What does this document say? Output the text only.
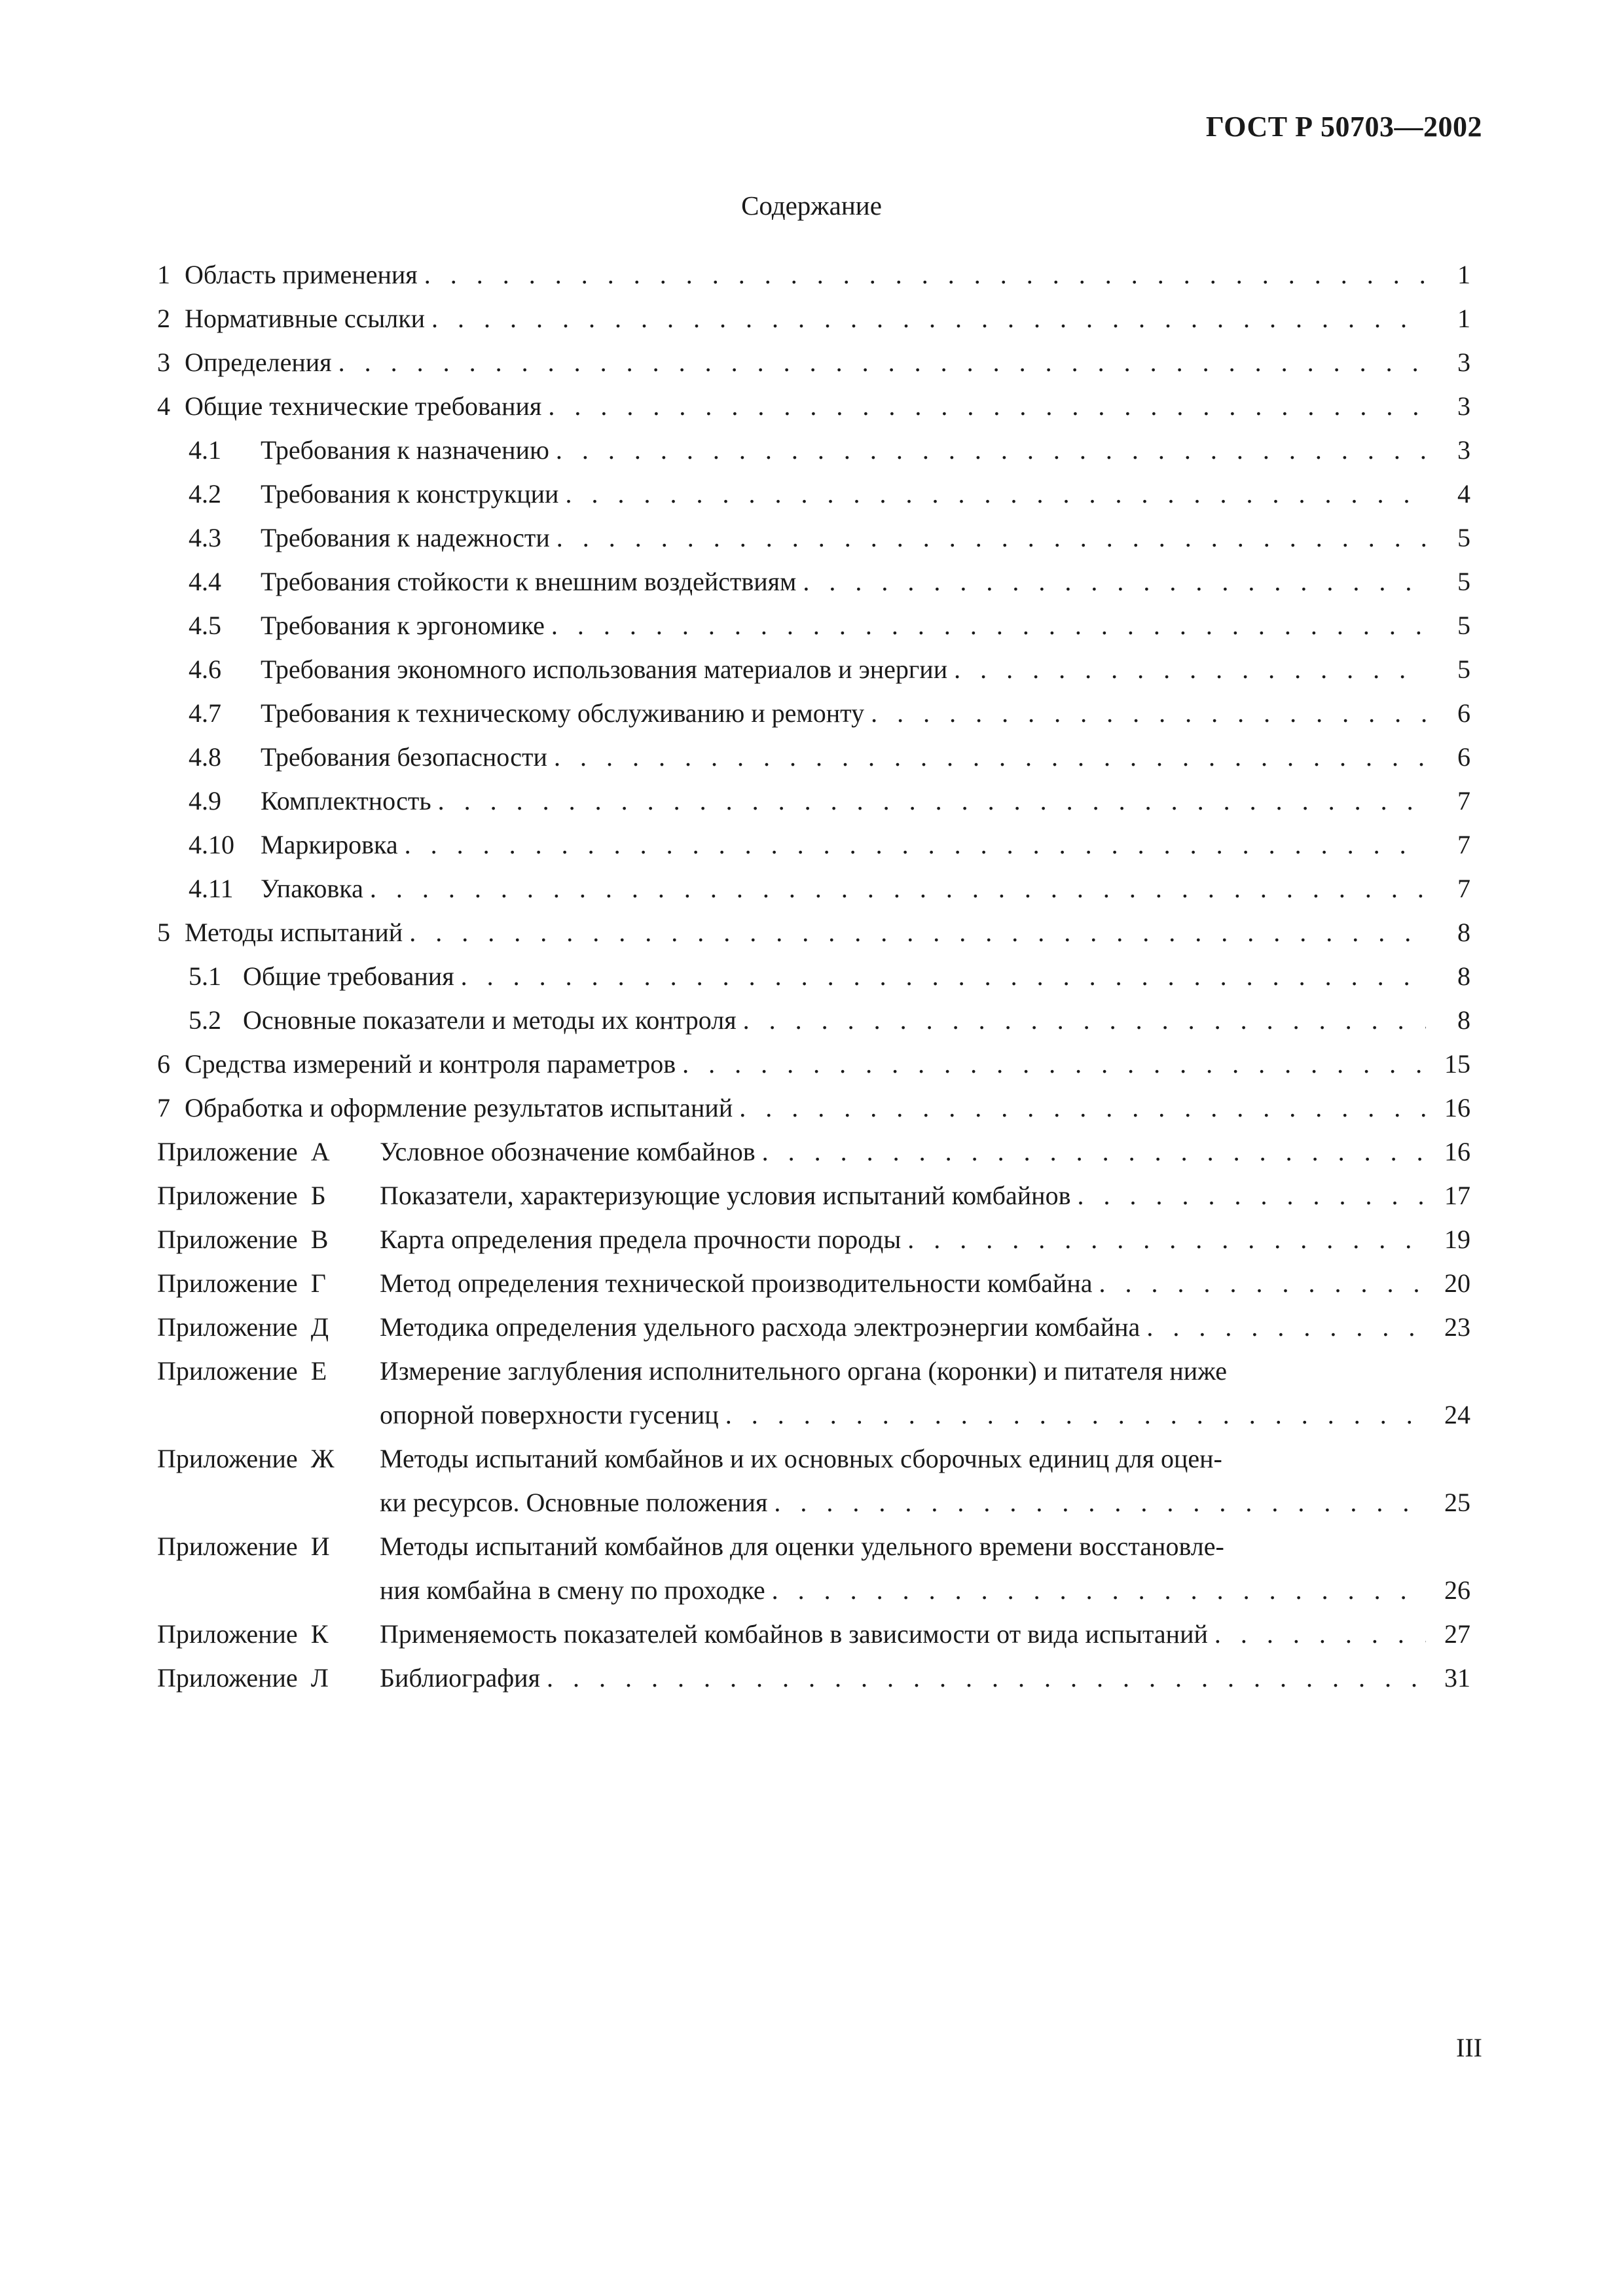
ГОСТ Р 50703—2002
Содержание
1 Область применения . . .	1
2 Нормативные ссылки . . .	1
3 Определения . . .	3
4 Общие технические требования . . .	3
4.1	Требования к назначению . . .	3
4.2	Требования к конструкции . . .	4
4.3	Требования к надежности . . .	5
4.4	Требования стойкости к внешним воздействиям . . .	5
4.5	Требования к эргономике . . .	5
4.6	Требования экономного использования материалов и энергии . . .	5
4.7	Требования к техническому обслуживанию и ремонту . . .	6
4.8	Требования безопасности . . .	6
4.9	Комплектность . . .	7
4.10	Маркировка . . .	7
4.11	Упаковка . . .	7
5 Методы испытаний . . .	8
5.1 Общие требования . . .	8
5.2 Основные показатели и методы их контроля . . .	8
6 Средства измерений и контроля параметров . . .	15
7 Обработка и оформление результатов испытаний . . .	16
Приложение  А	Условное обозначение комбайнов . . .	16
Приложение  Б	Показатели, характеризующие условия испытаний комбайнов . . .	17
Приложение  В	Карта определения предела прочности породы . . .	19
Приложение  Г	Метод определения технической производительности комбайна . . .	20
Приложение  Д	Методика определения удельного расхода электроэнергии комбайна . . .	23
Приложение  Е	Измерение заглубления исполнительного органа (коронки) и питателя ниже
опорной поверхности гусениц . . .	24
Приложение  Ж	Методы испытаний комбайнов и их основных сборочных единиц для оцен-
ки ресурсов. Основные положения . . .	25
Приложение  И	Методы испытаний комбайнов для оценки удельного времени восстановле-
ния комбайна в смену по проходке . . .	26
Приложение  К	Применяемость показателей комбайнов в зависимости от вида испытаний . . .	27
Приложение  Л	Библиография . . .	31
III
